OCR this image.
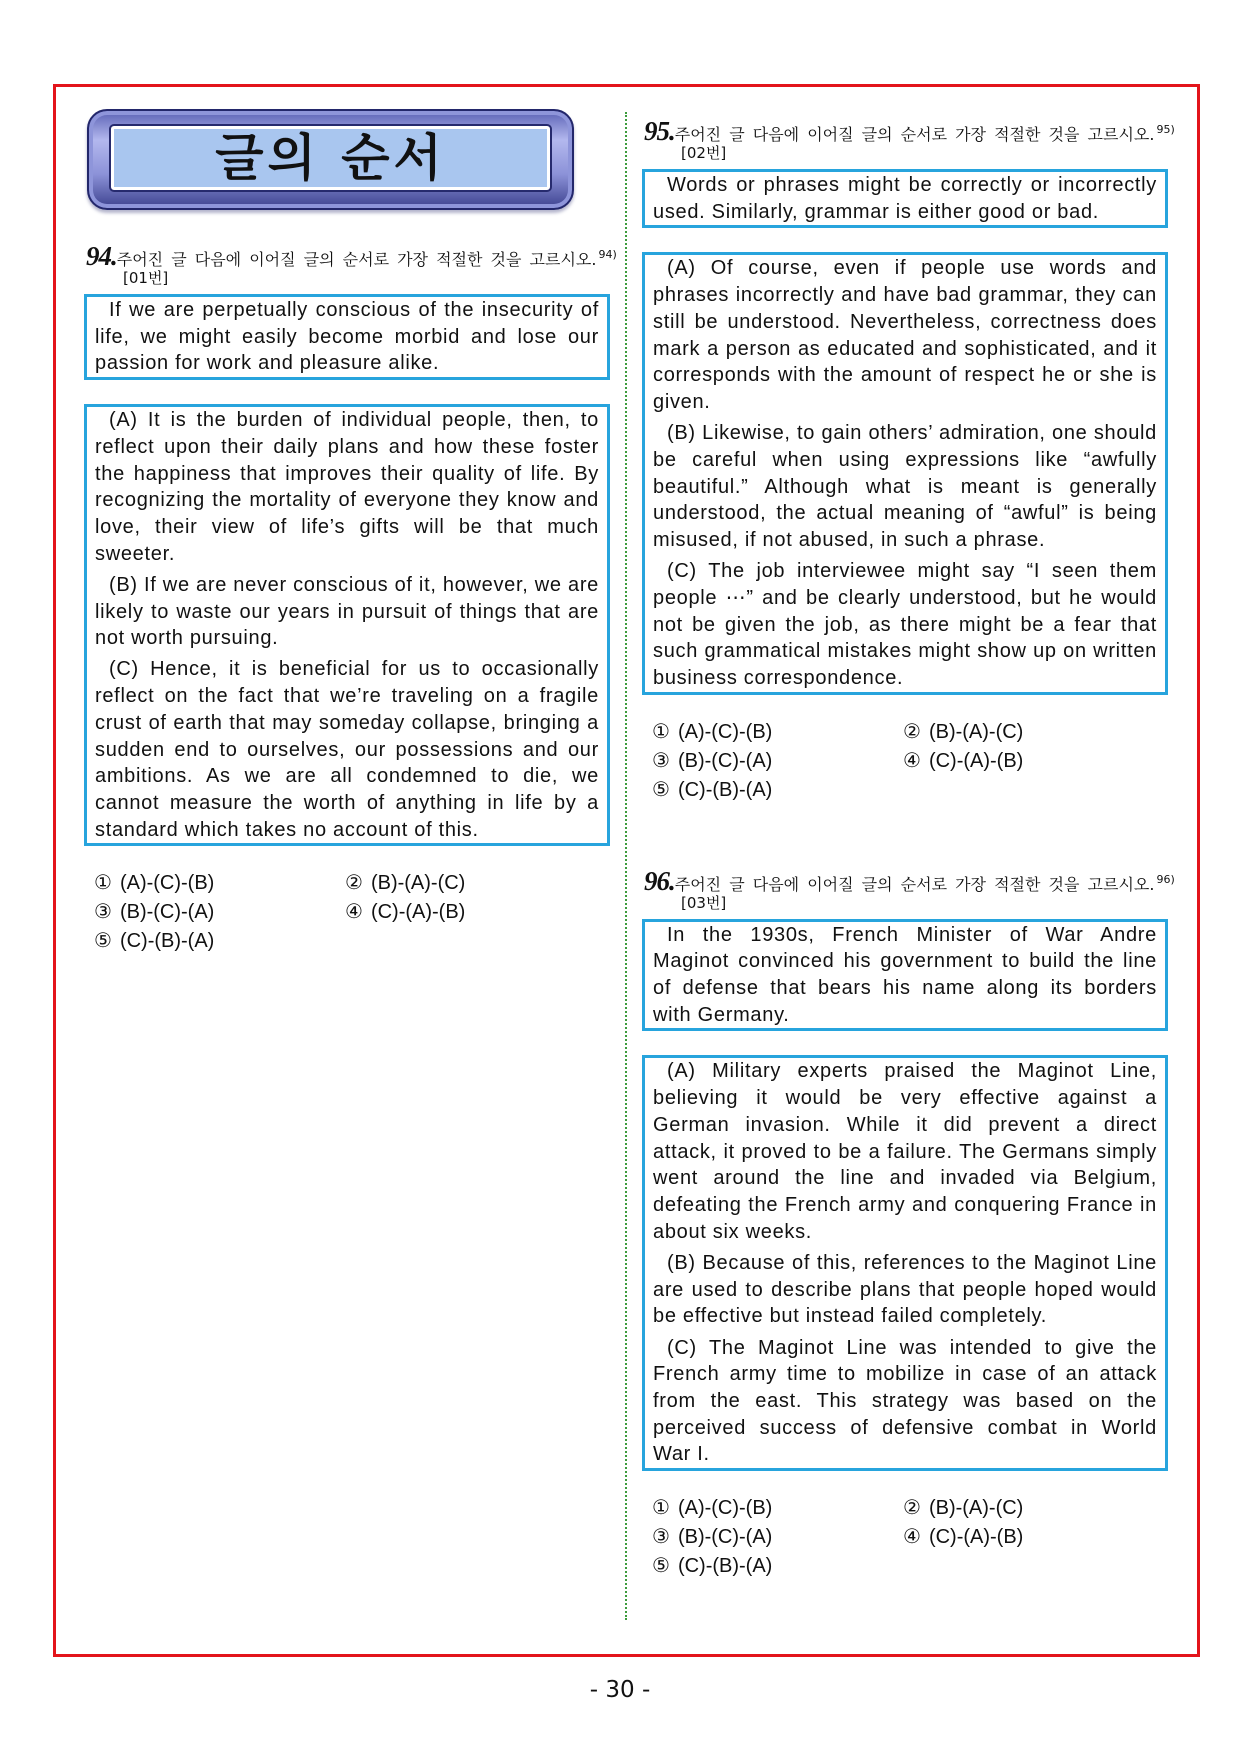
글의 순서
94. 주어진 글 다음에 이어질 글의 순서로 가장 적절한 것을 고르시오. 94)
[01번]
If we are perpetually conscious of the insecurity of life, we might easily become morbid and lose our passion for work and pleasure alike.

(A) It is the burden of individual people, then, to reflect upon their daily plans and how these foster the happiness that improves their quality of life. By recognizing the mortality of everyone they know and love, their view of life’s gifts will be that much sweeter.

(B) If we are never conscious of it, however, we are likely to waste our years in pursuit of things that are not worth pursuing.

(C) Hence, it is beneficial for us to occasionally reflect on the fact that we’re traveling on a fragile crust of earth that may someday collapse, bringing a sudden end to ourselves, our possessions and our ambitions. As we are all condemned to die, we cannot measure the worth of anything in life by a standard which takes no account of this.

① (A)-(C)-(B)	② (B)-(A)-(C)
③ (B)-(C)-(A)	④ (C)-(A)-(B)
⑤ (C)-(B)-(A)
95. 주어진 글 다음에 이어질 글의 순서로 가장 적절한 것을 고르시오. 95)
[02번]
Words or phrases might be correctly or incorrectly used. Similarly, grammar is either good or bad.

(A) Of course, even if people use words and phrases incorrectly and have bad grammar, they can still be understood. Nevertheless, correctness does mark a person as educated and sophisticated, and it corresponds with the amount of respect he or she is given.

(B) Likewise, to gain others’ admiration, one should be careful when using expressions like “awfully beautiful.” Although what is meant is generally understood, the actual meaning of “awful” is being misused, if not abused, in such a phrase.

(C) The job interviewee might say “I seen them people ⋯” and be clearly understood, but he would not be given the job, as there might be a fear that such grammatical mistakes might show up on written business correspondence.

① (A)-(C)-(B)	② (B)-(A)-(C)
③ (B)-(C)-(A)	④ (C)-(A)-(B)
⑤ (C)-(B)-(A)
96. 주어진 글 다음에 이어질 글의 순서로 가장 적절한 것을 고르시오. 96)
[03번]
In the 1930s, French Minister of War Andre Maginot convinced his government to build the line of defense that bears his name along its borders with Germany.

(A) Military experts praised the Maginot Line, believing it would be very effective against a German invasion. While it did prevent a direct attack, it proved to be a failure. The Germans simply went around the line and invaded via Belgium, defeating the French army and conquering France in about six weeks.

(B) Because of this, references to the Maginot Line are used to describe plans that people hoped would be effective but instead failed completely.

(C) The Maginot Line was intended to give the French army time to mobilize in case of an attack from the east. This strategy was based on the perceived success of defensive combat in World War I.

① (A)-(C)-(B)	② (B)-(A)-(C)
③ (B)-(C)-(A)	④ (C)-(A)-(B)
⑤ (C)-(B)-(A)
- 30 -
